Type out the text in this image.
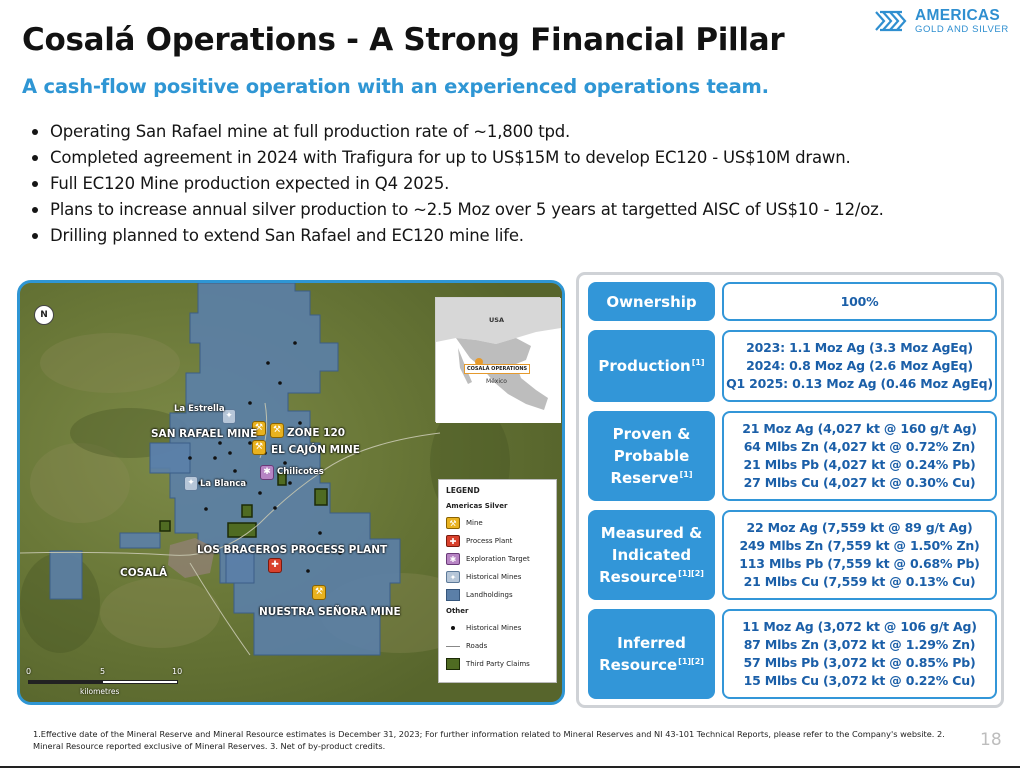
Cosalá Operations - A Strong Financial Pillar
A cash-flow positive operation with an experienced operations team.
AMERICAS
GOLD AND SILVER
Operating San Rafael mine at full production rate of ~1,800 tpd.
Completed agreement in 2024 with Trafigura for up to US$15M to develop EC120 - US$10M drawn.
Full EC120 Mine production expected in Q4 2025.
Plans to increase annual silver production to ~2.5 Moz over 5 years at targetted AISC of US$10 - 12/oz.
Drilling planned to extend San Rafael and EC120 mine life.
N
✦
⚒	⚒
⚒
✱
✦
✚
⚒
La Estrella
SAN RAFAEL MINE	ZONE 120
EL CAJÓN MINE
Chilicotes
La Blanca
LOS BRACEROS PROCESS PLANT
COSALÁ
NUESTRA SEÑORA MINE
USA
COSALÁ OPERATIONS
México
LEGEND
Americas Silver
⚒	Mine
✚	Process Plant
✱	Exploration Target
✦	Historical Mines
Landholdings
Other
Historical Mines
Roads
Third Party Claims
0	5	10
kilometres
Ownership	100%
Production[1]
2023: 1.1 Moz Ag (3.3 Moz AgEq)
2024: 0.8 Moz Ag (2.6 Moz AgEq)
Q1 2025: 0.13 Moz Ag (0.46 Moz AgEq)
Proven &
Probable
Reserve[1]
21 Moz Ag (4,027 kt @ 160 g/t Ag)
64 Mlbs Zn (4,027 kt @ 0.72% Zn)
21 Mlbs Pb (4,027 kt @ 0.24% Pb)
27 Mlbs Cu (4,027 kt @ 0.30% Cu)
Measured &
Indicated
Resource[1][2]
22 Moz Ag (7,559 kt @ 89 g/t Ag)
249 Mlbs Zn (7,559 kt @ 1.50% Zn)
113 Mlbs Pb (7,559 kt @ 0.68% Pb)
21 Mlbs Cu (7,559 kt @ 0.13% Cu)
Inferred
Resource[1][2]
11 Moz Ag (3,072 kt @ 106 g/t Ag)
87 Mlbs Zn (3,072 kt @ 1.29% Zn)
57 Mlbs Pb (3,072 kt @ 0.85% Pb)
15 Mlbs Cu (3,072 kt @ 0.22% Cu)
1.Effective date of the Mineral Reserve and Mineral Resource estimates is December 31, 2023; For further information related to Mineral Reserves and NI 43-101 Technical Reports, please refer to the Company's website. 2. Mineral Resource reported exclusive of Mineral Reserves. 3. Net of by-product credits.	18
